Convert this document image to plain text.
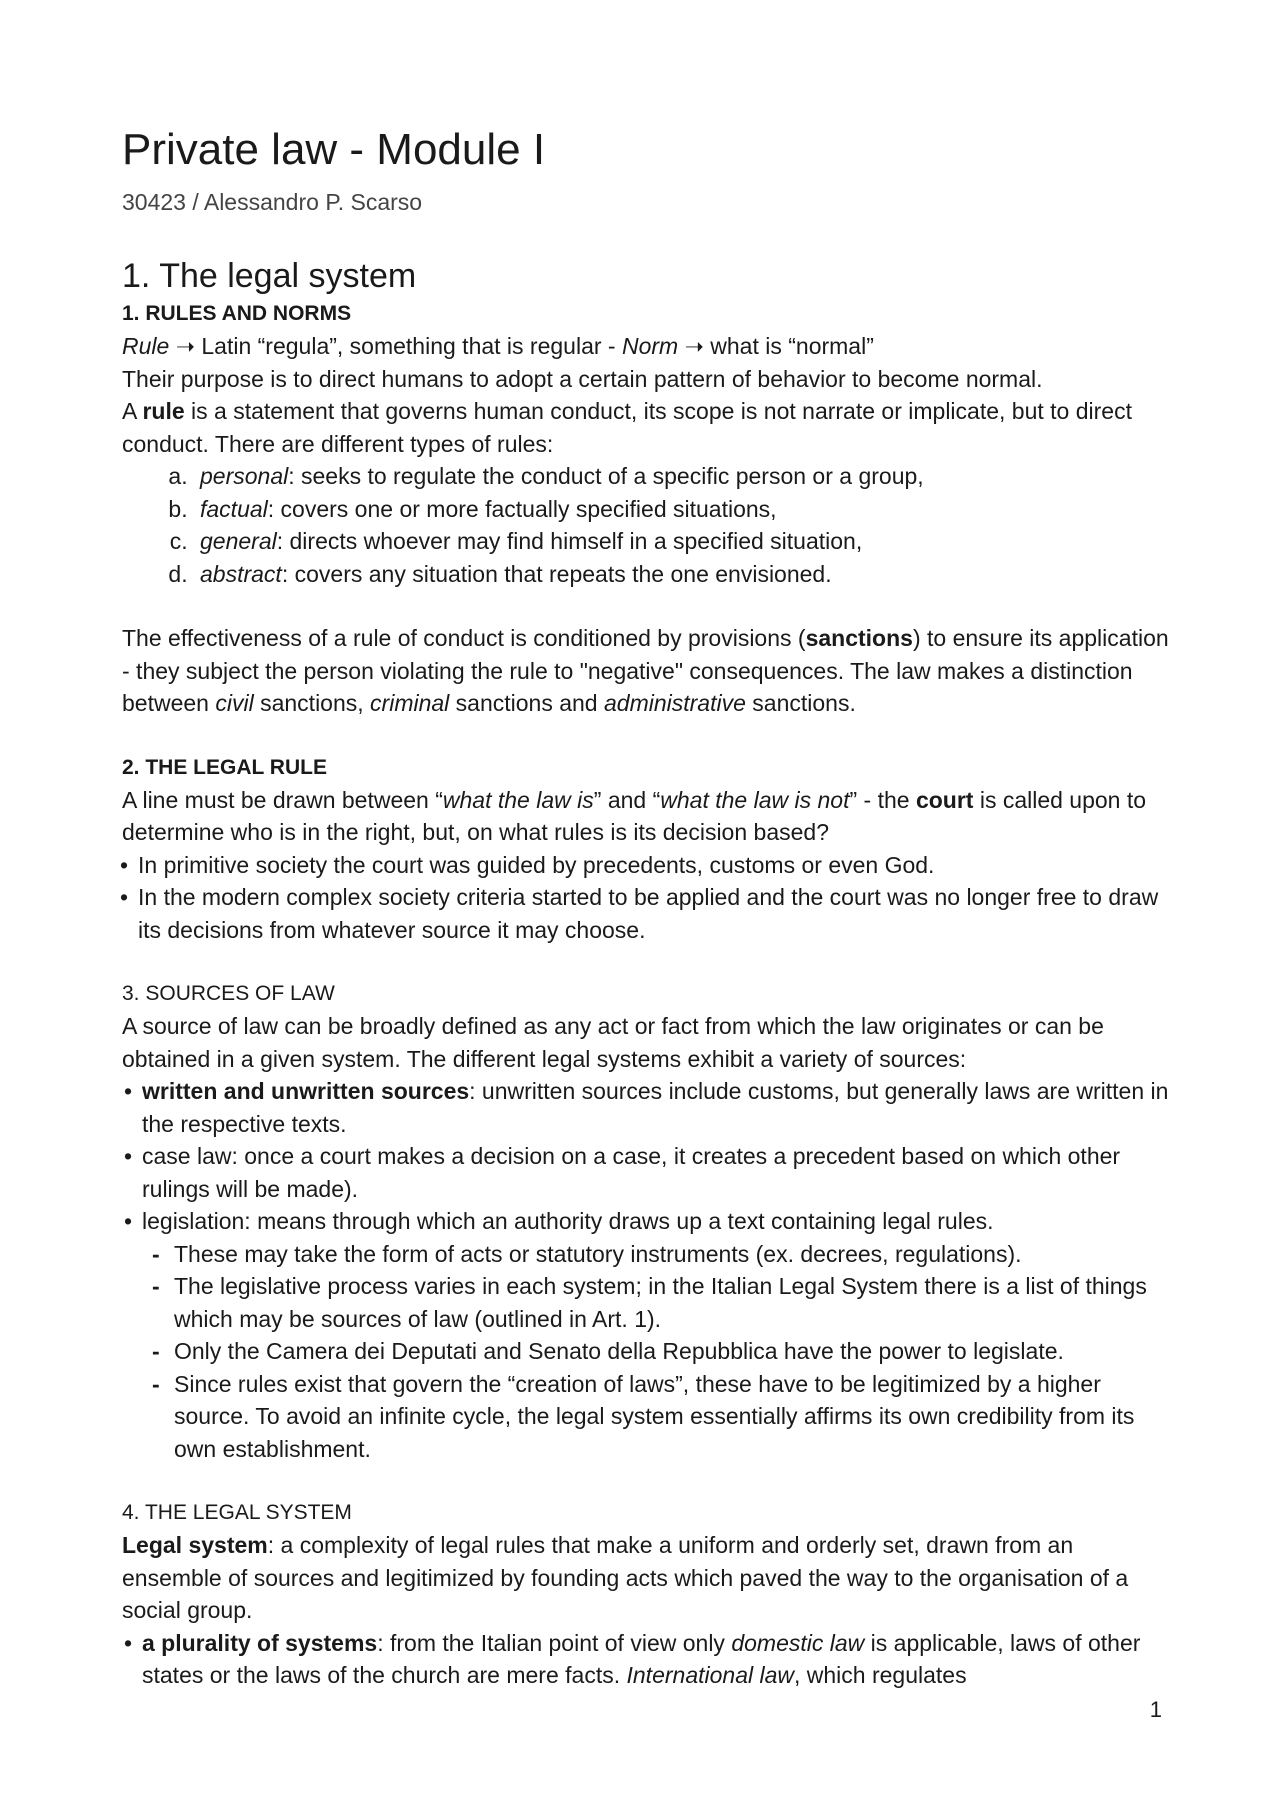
Private law - Module I
30423 / Alessandro P. Scarso
1. The legal system
1. RULES AND NORMS

Rule ➝ Latin “regula”, something that is regular - Norm ➝ what is “normal”

Their purpose is to direct humans to adopt a certain pattern of behavior to become normal.

A rule is a statement that governs human conduct, its scope is not narrate or implicate, but to direct conduct. There are different types of rules:

a. personal: seeks to regulate the conduct of a specific person or a group,
b. factual: covers one or more factually specified situations,
c. general: directs whoever may find himself in a specified situation,
d. abstract: covers any situation that repeats the one envisioned.

The effectiveness of a rule of conduct is conditioned by provisions (sanctions) to ensure its application - they subject the person violating the rule to "negative" consequences. The law makes a distinction between civil sanctions, criminal sanctions and administrative sanctions.

2. THE LEGAL RULE

A line must be drawn between “what the law is” and “what the law is not” - the court is called upon to determine who is in the right, but, on what rules is its decision based?

• In primitive society the court was guided by precedents, customs or even God.
• In the modern complex society criteria started to be applied and the court was no longer free to draw its decisions from whatever source it may choose.
3. SOURCES OF LAW

A source of law can be broadly defined as any act or fact from which the law originates or can be obtained in a given system. The different legal systems exhibit a variety of sources:

• written and unwritten sources: unwritten sources include customs, but generally laws are written in the respective texts.
• case law: once a court makes a decision on a case, it creates a precedent based on which other rulings will be made).
• legislation: means through which an authority draws up a text containing legal rules.
- These may take the form of acts or statutory instruments (ex. decrees, regulations).
- The legislative process varies in each system; in the Italian Legal System there is a list of things which may be sources of law (outlined in Art. 1).
- Only the Camera dei Deputati and Senato della Repubblica have the power to legislate.
- Since rules exist that govern the “creation of laws”, these have to be legitimized by a higher source. To avoid an infinite cycle, the legal system essentially affirms its own credibility from its own establishment.
4. THE LEGAL SYSTEM

Legal system: a complexity of legal rules that make a uniform and orderly set, drawn from an ensemble of sources and legitimized by founding acts which paved the way to the organisation of a social group.

• a plurality of systems: from the Italian point of view only domestic law is applicable, laws of other states or the laws of the church are mere facts. International law, which regulates
1
